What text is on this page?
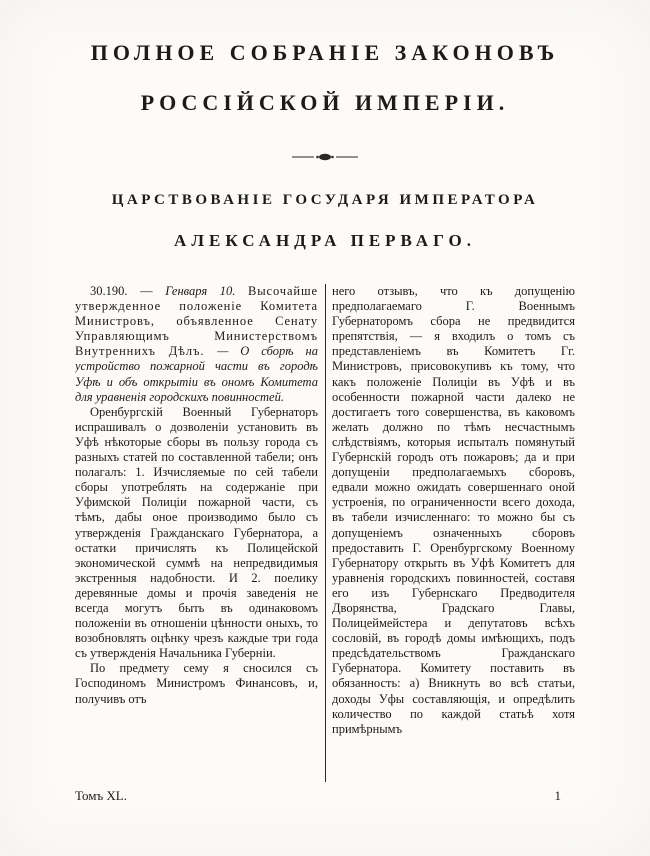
ПОЛНОЕ СОБРАНІЕ ЗАКОНОВЪ
РОССІЙСКОЙ ИМПЕРІИ.
ЦАРСТВОВАНІЕ ГОСУДАРЯ ИМПЕРАТОРА
АЛЕКСАНДРА ПЕРВАГО.

30.190. — Генваря 10. Высочайше утвержденное положеніе Комитета Министровъ, объявленное Сенату Управляющимъ Министерствомъ Внутреннихъ Дѣлъ. — О сборѣ на устройство пожарной части въ городѣ Уфѣ и объ открытіи въ ономъ Комитета для уравненія городскихъ повинностей.

Оренбургскій Военный Губернаторъ испрашивалъ о дозволеніи установить въ Уфѣ нѣкоторые сборы въ пользу города съ разныхъ статей по составленной табели; онъ полагалъ: 1. Изчисляемые по сей табели сборы употреблять на содержаніе при Уфимской Полиціи пожарной части, съ тѣмъ, дабы оное производимо было съ утвержденія Гражданскаго Губернатора, а остатки причислять къ Полицейской экономической суммѣ на непредвидимыя экстренныя надобности. И 2. поелику деревянные домы и прочія заведенія не всегда могутъ быть въ одинаковомъ положеніи въ отношеніи цѣнности оныхъ, то возобновлять оцѣнку чрезъ каждые три года съ утвержденія Начальника Губерніи.

По предмету сему я сносился съ Господиномъ Министромъ Финансовъ, и, получивъ отъ

него отзывъ, что къ допущенію предполагаемаго Г. Военнымъ Губернаторомъ сбора не предвидится препятствія, — я входилъ о томъ съ представленіемъ въ Комитетъ Гг. Министровъ, присовокупивъ къ тому, что какъ положеніе Полиціи въ Уфѣ и въ особенности пожарной части далеко не достигаетъ того совершенства, въ каковомъ желать должно по тѣмъ несчастнымъ слѣдствіямъ, которыя испыталъ помянутый Губернскій городъ отъ пожаровъ; да и при допущеніи предполагаемыхъ сборовъ, едвали можно ожидать совершеннаго оной устроенія, по ограниченности всего дохода, въ табели изчисленнаго: то можно бы съ допущеніемъ означенныхъ сборовъ предоставить Г. Оренбургскому Военному Губернатору открыть въ Уфѣ Комитетъ для уравненія городскихъ повинностей, составя его изъ Губернскаго Предводителя Дворянства, Градскаго Главы, Полицеймейстера и депутатовъ всѣхъ сословій, въ городѣ домы имѣющихъ, подъ предсѣдательствомъ Гражданскаго Губернатора. Комитету поставить въ обязанность: а) Вникнуть во всѣ статьи, доходы Уфы составляющія, и опредѣлить количество по каждой статьѣ хотя примѣрнымъ

Томъ XL.	1
